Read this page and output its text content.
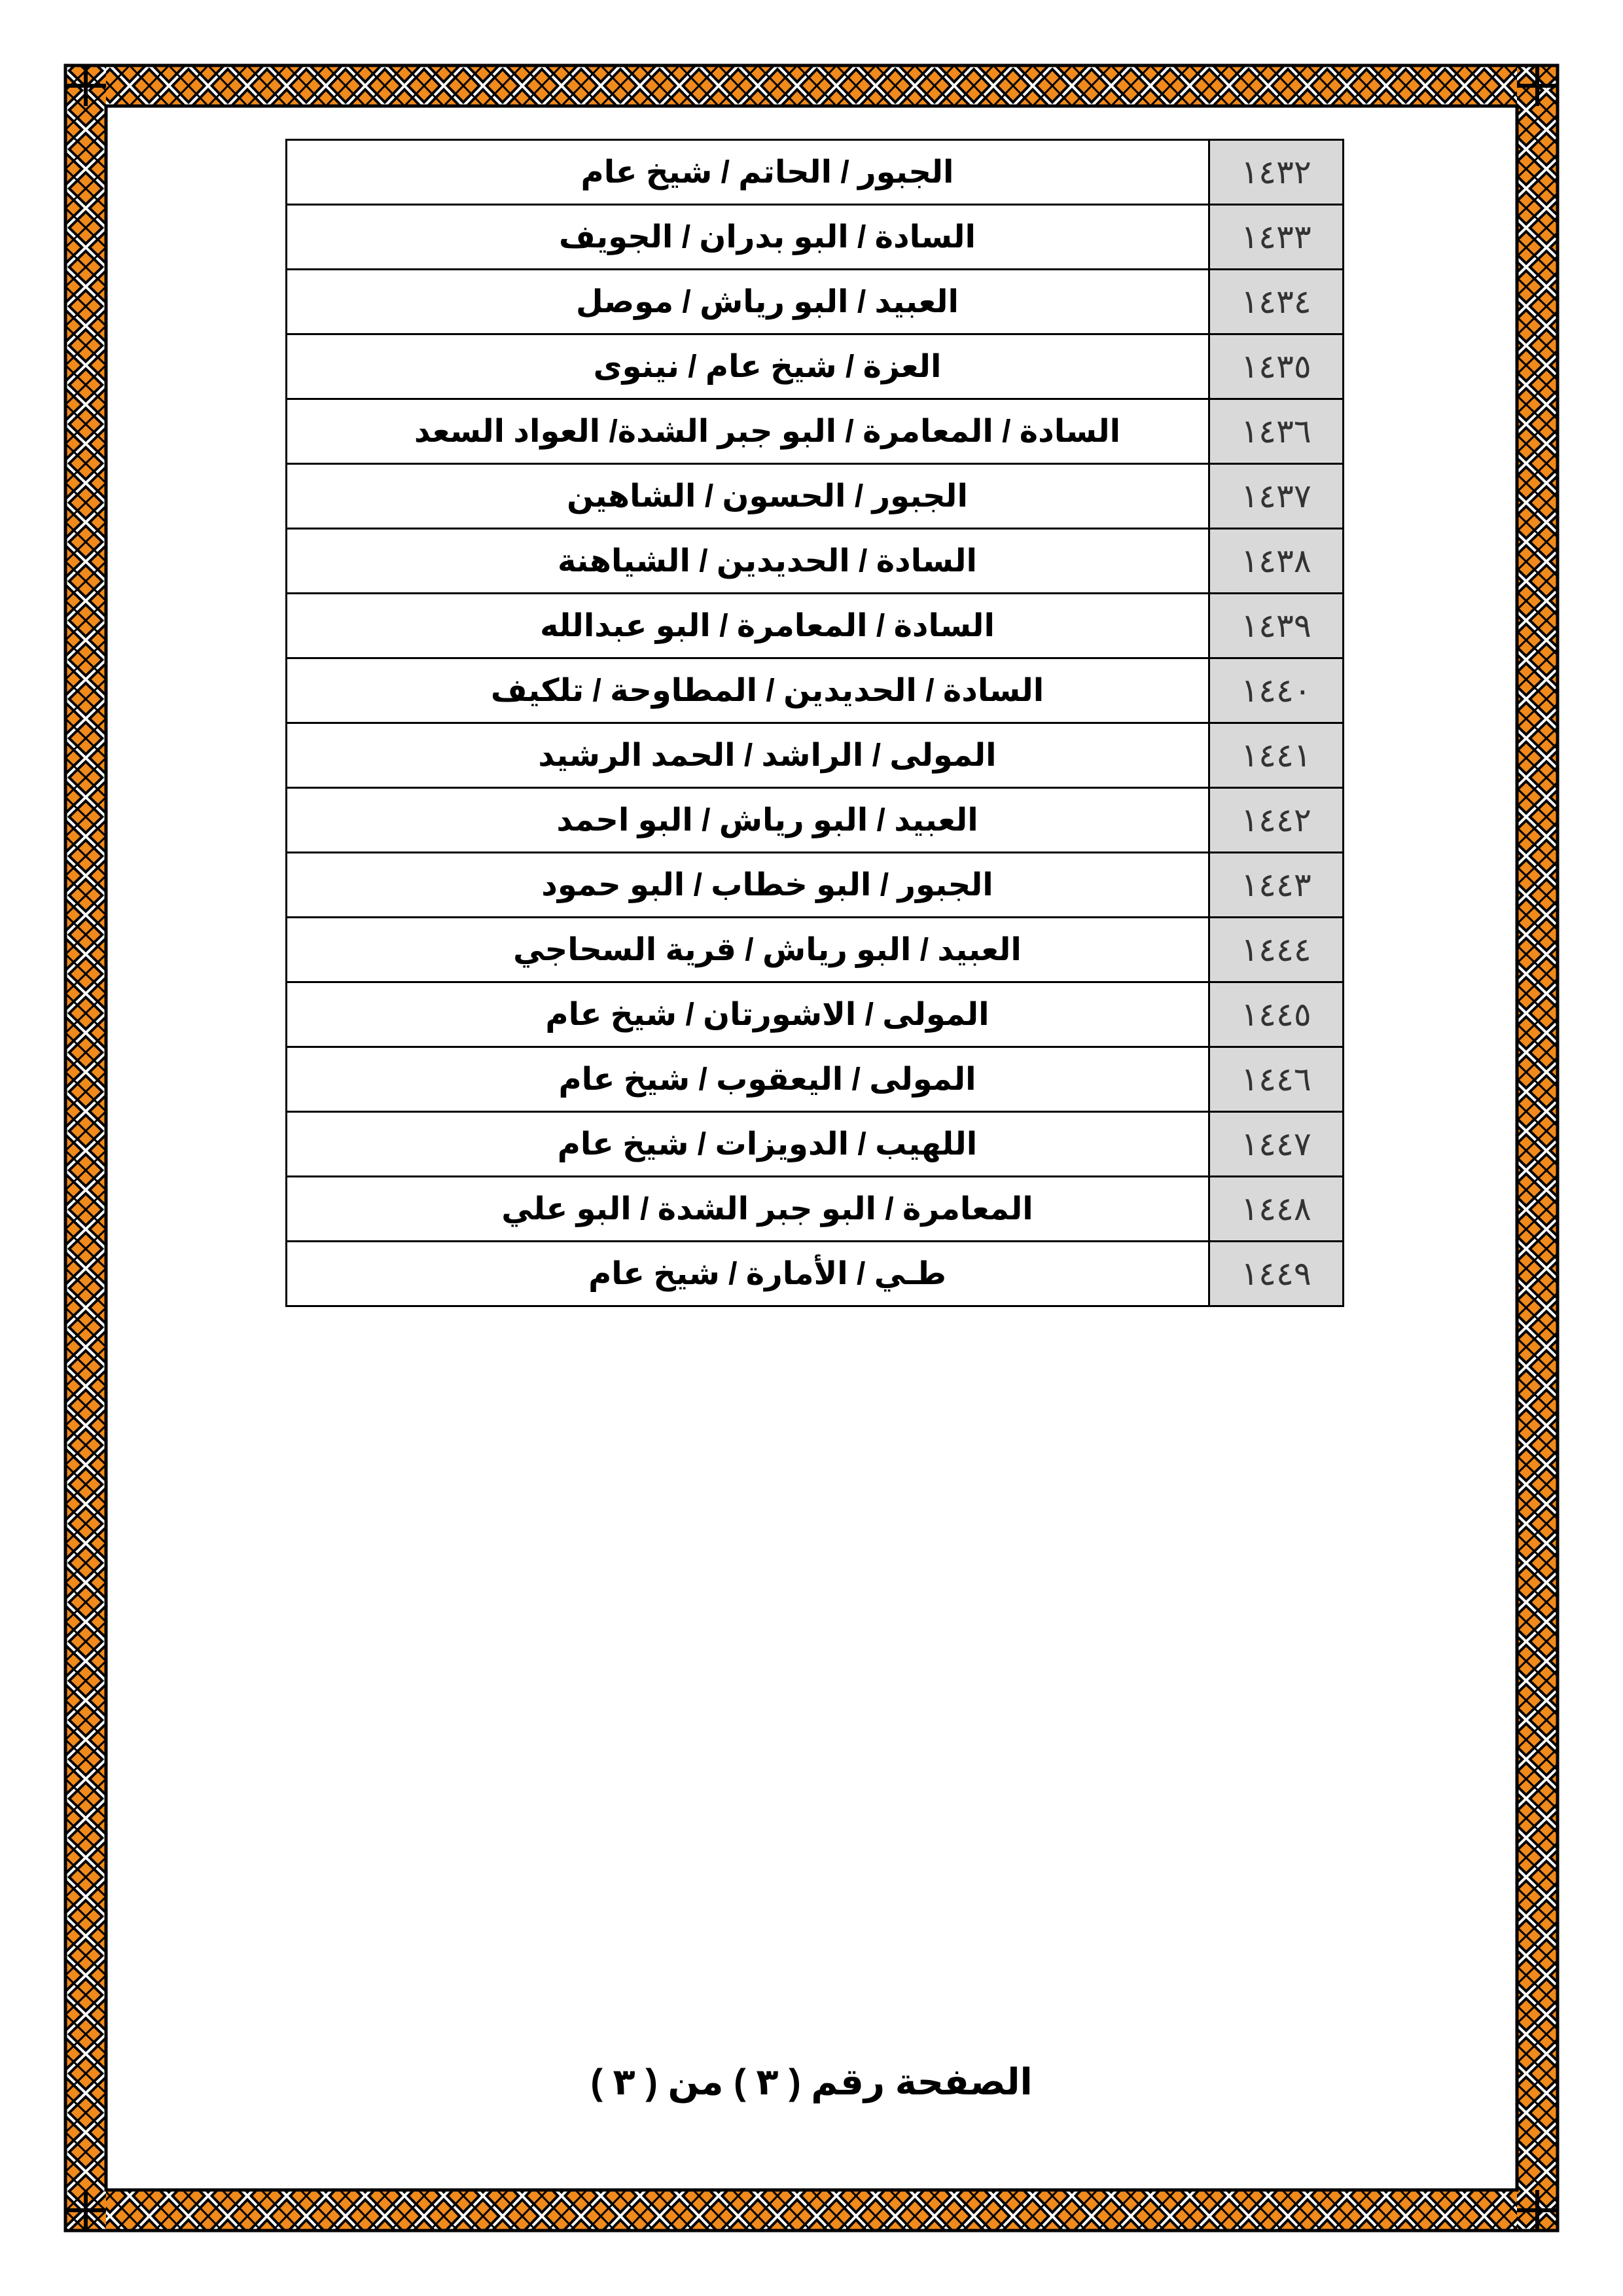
١٤٣٢	الجبور / الحاتم / شيخ عام
١٤٣٣	السادة / البو بدران / الجويف
١٤٣٤	العبيد / البو رياش / موصل
١٤٣٥	العزة / شيخ عام / نينوى
١٤٣٦	السادة / المعامرة / البو جبر الشدة/ العواد السعد
١٤٣٧	الجبور / الحسون / الشاهين
١٤٣٨	السادة / الحديدين / الشياهنة
١٤٣٩	السادة / المعامرة / البو عبدالله
١٤٤٠	السادة / الحديدين / المطاوحة / تلكيف
١٤٤١	المولى / الراشد / الحمد الرشيد
١٤٤٢	العبيد / البو رياش / البو احمد
١٤٤٣	الجبور / البو خطاب / البو حمود
١٤٤٤	العبيد / البو رياش / قرية السحاجي
١٤٤٥	المولى / الاشورتان / شيخ عام
١٤٤٦	المولى / اليعقوب / شيخ عام
١٤٤٧	اللهيب / الدويزات / شيخ عام
١٤٤٨	المعامرة / البو جبر الشدة / البو علي
١٤٤٩	طـي / الأمارة / شيخ عام
الصفحة رقم ( ٣ ) من ( ٣ )
